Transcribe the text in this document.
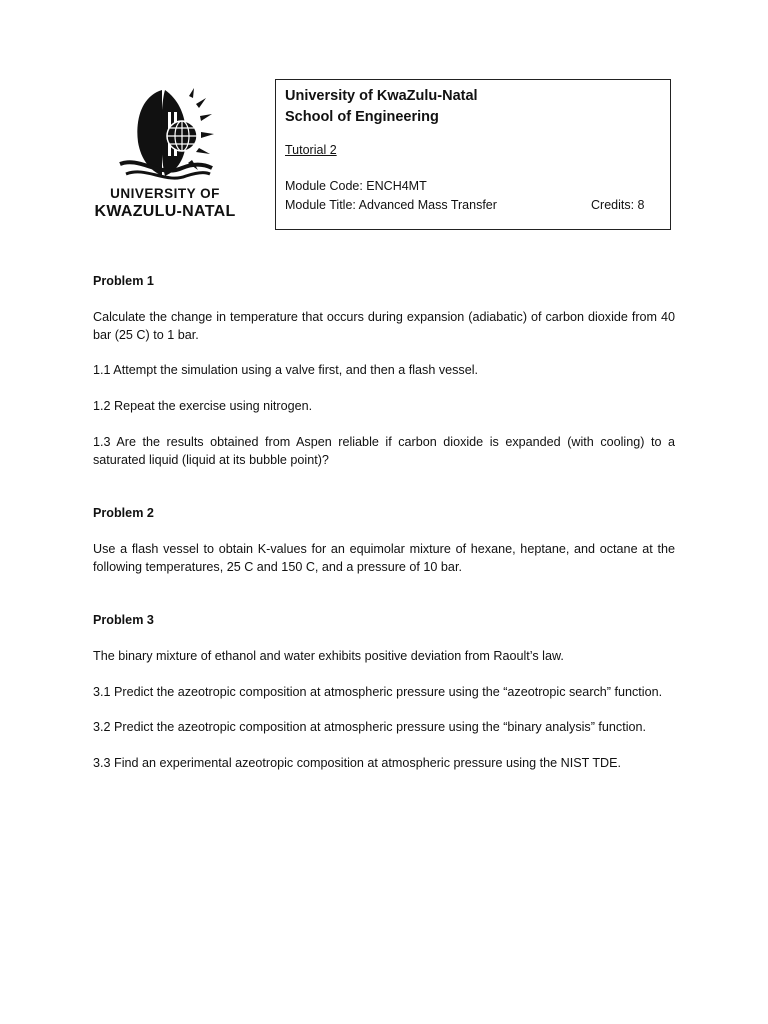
UNIVERSITY OF
KWAZULU-NATAL
University of KwaZulu-Natal
School of Engineering
Tutorial 2
Module Code: ENCH4MT
Module Title: Advanced Mass Transfer	Credits: 8

Problem 1

Calculate the change in temperature that occurs during expansion (adiabatic) of carbon dioxide from 40 bar (25 C) to 1 bar.

1.1 Attempt the simulation using a valve first, and then a flash vessel.

1.2 Repeat the exercise using nitrogen.

1.3 Are the results obtained from Aspen reliable if carbon dioxide is expanded (with cooling) to a saturated liquid (liquid at its bubble point)?

Problem 2

Use a flash vessel to obtain K-values for an equimolar mixture of hexane, heptane, and octane at the following temperatures, 25 C and 150 C, and a pressure of 10 bar.

Problem 3

The binary mixture of ethanol and water exhibits positive deviation from Raoult’s law.

3.1 Predict the azeotropic composition at atmospheric pressure using the “azeotropic search” function.

3.2 Predict the azeotropic composition at atmospheric pressure using the “binary analysis” function.

3.3 Find an experimental azeotropic composition at atmospheric pressure using the NIST TDE.
